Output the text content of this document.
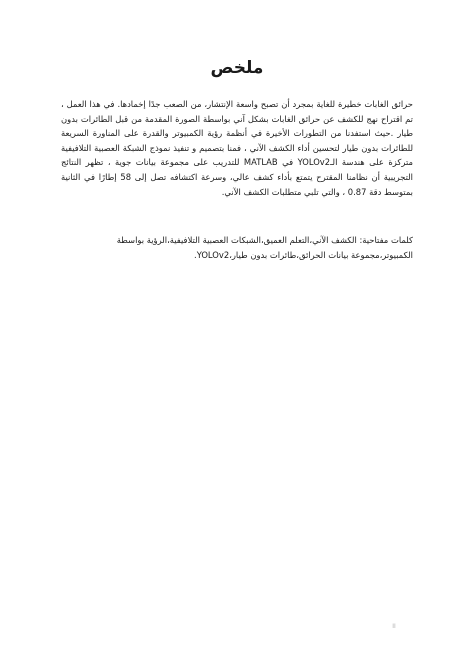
ملخص

حرائق الغابات خطيرة للغاية بمجرد أن تصبح واسعة الإنتشار، من الصعب جدًا إخمادها. في هذا العمل ، تم اقتراح نهج للكشف عن حرائق الغابات بشكل آني بواسطة الصورة المقدمة من قبل الطائرات بدون طيار .حيث استفدنا من التطورات الأخيرة في أنظمة رؤية الكمبيوتر والقدرة على المناورة السريعة للطائرات بدون طيار لتحسين أداء الكشف الآني ، فمنا بتصميم و تنفيذ نموذج الشبكة العصبية التلافيفية متركزة على هندسة الـYOLOv2 في MATLAB للتدريب على مجموعة بيانات جوية ، تظهر النتائج التجريبية أن نظامنا المقترح يتمتع بأداء كشف عالي، وسرعة اكتشافه تصل إلى 58 إطارًا في الثانية بمتوسط دقة 0.87 ، والتي تلبي متطلبات الكشف الآني.

كلمات مفتاحية: الكشف الآني،التعلم العميق،الشبكات العصبية التلافيفية،الرؤية بواسطة الكمبيوتر،مجموعة بيانات الحرائق،طائرات بدون طيار،YOLOv2.

II
